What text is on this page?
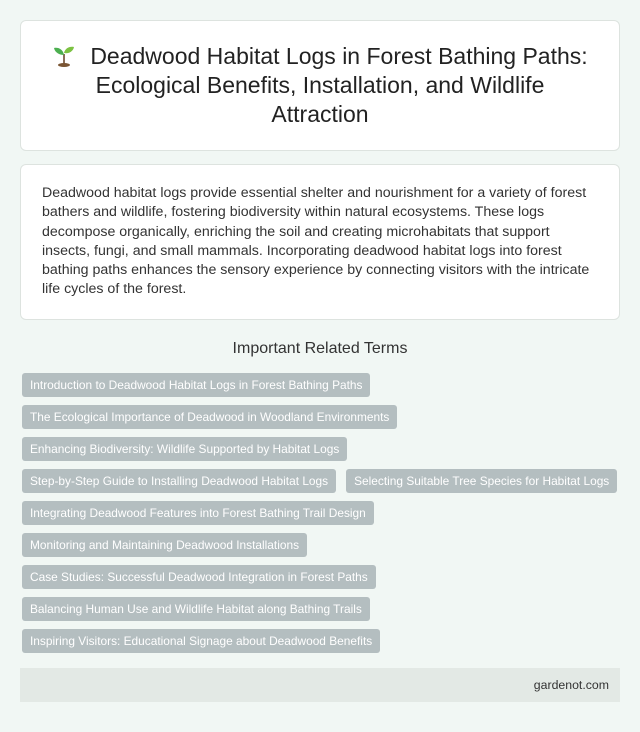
Deadwood Habitat Logs in Forest Bathing Paths: Ecological Benefits, Installation, and Wildlife Attraction

Deadwood habitat logs provide essential shelter and nourishment for a variety of forest bathers and wildlife, fostering biodiversity within natural ecosystems. These logs decompose organically, enriching the soil and creating microhabitats that support insects, fungi, and small mammals. Incorporating deadwood habitat logs into forest bathing paths enhances the sensory experience by connecting visitors with the intricate life cycles of the forest.

Important Related Terms
Introduction to Deadwood Habitat Logs in Forest Bathing Paths
The Ecological Importance of Deadwood in Woodland Environments
Enhancing Biodiversity: Wildlife Supported by Habitat Logs
Step-by-Step Guide to Installing Deadwood Habitat Logs	Selecting Suitable Tree Species for Habitat Logs
Integrating Deadwood Features into Forest Bathing Trail Design
Monitoring and Maintaining Deadwood Installations
Case Studies: Successful Deadwood Integration in Forest Paths
Balancing Human Use and Wildlife Habitat along Bathing Trails
Inspiring Visitors: Educational Signage about Deadwood Benefits
gardenot.com
